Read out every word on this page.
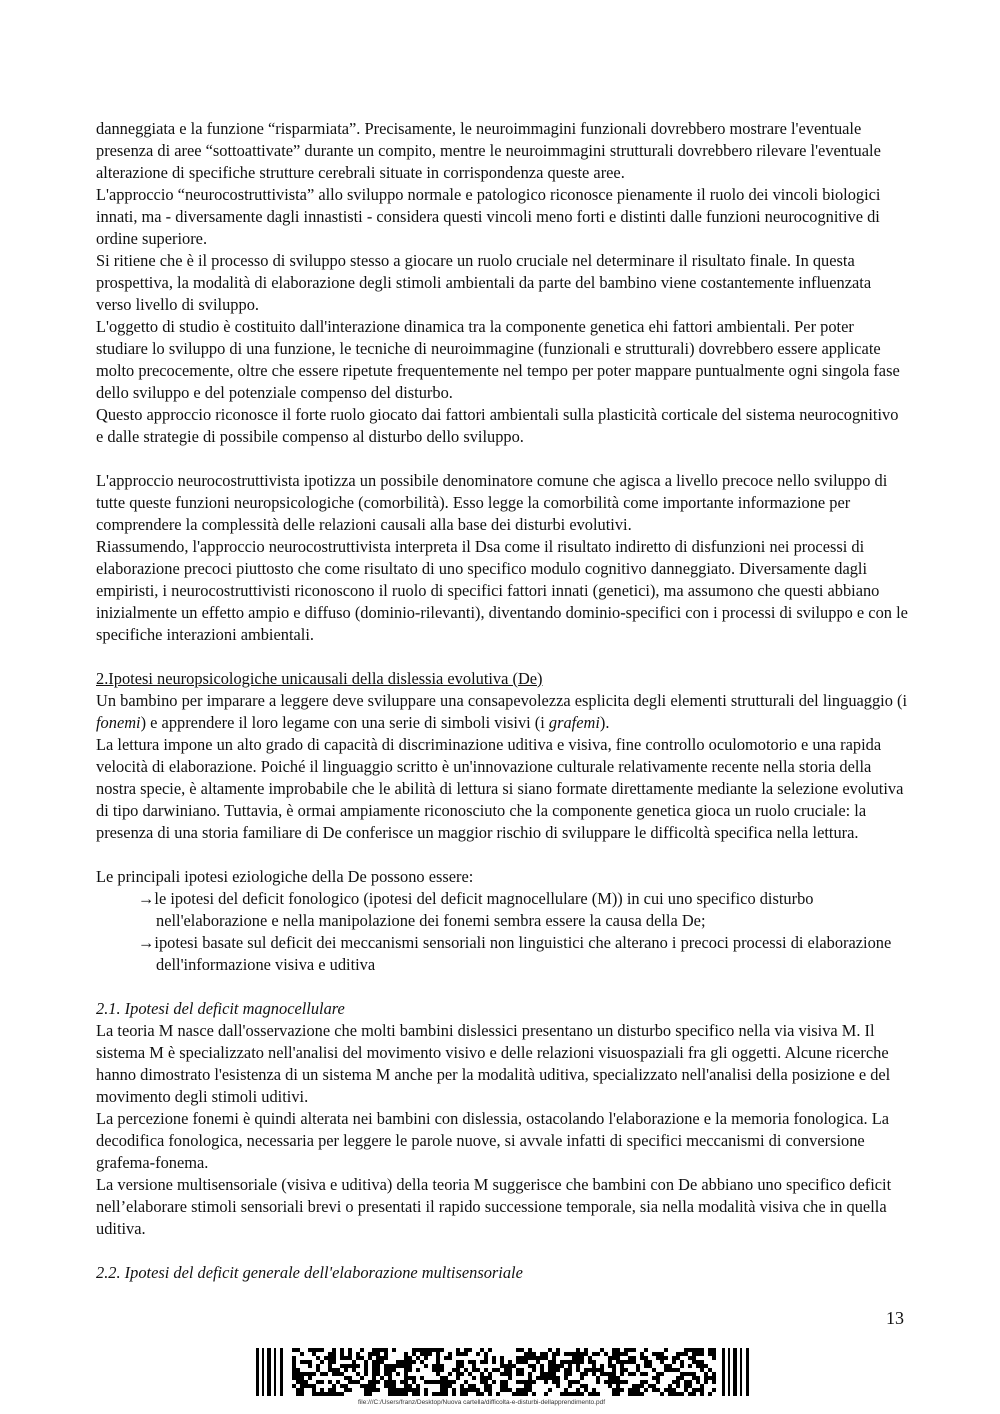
danneggiata e la funzione “risparmiata”. Precisamente, le neuroimmagini funzionali dovrebbero mostrare l'eventuale presenza di aree “sottoattivate” durante un compito, mentre le neuroimmagini strutturali dovrebbero rilevare l'eventuale alterazione di specifiche strutture cerebrali situate in corrispondenza queste aree.

L'approccio “neurocostruttivista” allo sviluppo normale e patologico riconosce pienamente il ruolo dei vincoli biologici innati, ma - diversamente dagli innastisti - considera questi vincoli meno forti e distinti dalle funzioni neurocognitive di ordine superiore.

Si ritiene che è il processo di sviluppo stesso a giocare un ruolo cruciale nel determinare il risultato finale. In questa prospettiva, la modalità di elaborazione degli stimoli ambientali da parte del bambino viene costantemente influenzata verso livello di sviluppo.

L'oggetto di studio è costituito dall'interazione dinamica tra la componente genetica ehi fattori ambientali. Per poter studiare lo sviluppo di una funzione, le tecniche di neuroimmagine (funzionali e strutturali) dovrebbero essere applicate molto precocemente, oltre che essere ripetute frequentemente nel tempo per poter mappare puntualmente ogni singola fase dello sviluppo e del potenziale compenso del disturbo.

Questo approccio riconosce il forte ruolo giocato dai fattori ambientali sulla plasticità corticale del sistema neurocognitivo e dalle strategie di possibile compenso al disturbo dello sviluppo.

L'approccio neurocostruttivista ipotizza un possibile denominatore comune che agisca a livello precoce nello sviluppo di tutte queste funzioni neuropsicologiche (comorbilità). Esso legge la comorbilità come importante informazione per comprendere la complessità delle relazioni causali alla base dei disturbi evolutivi.

Riassumendo, l'approccio neurocostruttivista interpreta il Dsa come il risultato indiretto di disfunzioni nei processi di elaborazione precoci piuttosto che come risultato di uno specifico modulo cognitivo danneggiato. Diversamente dagli empiristi, i neurocostruttivisti riconoscono il ruolo di specifici fattori innati (genetici), ma assumono che questi abbiano inizialmente un effetto ampio e diffuso (dominio-rilevanti), diventando dominio-specifici con i processi di sviluppo e con le specifiche interazioni ambientali.

2.Ipotesi neuropsicologiche unicausali della dislessia evolutiva (De)

Un bambino per imparare a leggere deve sviluppare una consapevolezza esplicita degli elementi strutturali del linguaggio (i fonemi) e apprendere il loro legame con una serie di simboli visivi (i grafemi).

La lettura impone un alto grado di capacità di discriminazione uditiva e visiva, fine controllo oculomotorio e una rapida velocità di elaborazione. Poiché il linguaggio scritto è un'innovazione culturale relativamente recente nella storia della nostra specie, è altamente improbabile che le abilità di lettura si siano formate direttamente mediante la selezione evolutiva di tipo darwiniano. Tuttavia, è ormai ampiamente riconosciuto che la componente genetica gioca un ruolo cruciale: la presenza di una storia familiare di De conferisce un maggior rischio di sviluppare le difficoltà specifica nella lettura.

Le principali ipotesi eziologiche della De possono essere:

→le ipotesi del deficit fonologico (ipotesi del deficit magnocellulare (M)) in cui uno specifico disturbo nell'elaborazione e nella manipolazione dei fonemi sembra essere la causa della De;

→ipotesi basate sul deficit dei meccanismi sensoriali non linguistici che alterano i precoci processi di elaborazione dell'informazione visiva e uditiva

2.1. Ipotesi del deficit magnocellulare

La teoria M nasce dall'osservazione che molti bambini dislessici presentano un disturbo specifico nella via visiva M. Il sistema M è specializzato nell'analisi del movimento visivo e delle relazioni visuospaziali fra gli oggetti. Alcune ricerche hanno dimostrato l'esistenza di un sistema M anche per la modalità uditiva, specializzato nell'analisi della posizione e del movimento degli stimoli uditivi.

La percezione fonemi è quindi alterata nei bambini con dislessia, ostacolando l'elaborazione e la memoria fonologica. La decodifica fonologica, necessaria per leggere le parole nuove, si avvale infatti di specifici meccanismi di conversione grafema-fonema.

La versione multisensoriale (visiva e uditiva) della teoria M suggerisce che bambini con De abbiano uno specifico deficit nell’elaborare stimoli sensoriali brevi o presentati il rapido successione temporale, sia nella modalità visiva che in quella uditiva.

2.2. Ipotesi del deficit generale dell'elaborazione multisensoriale

13
file:///C:/Users/franz/Desktop/Nuova cartella/difficolta-e-disturbi-dellapprendimento.pdf
